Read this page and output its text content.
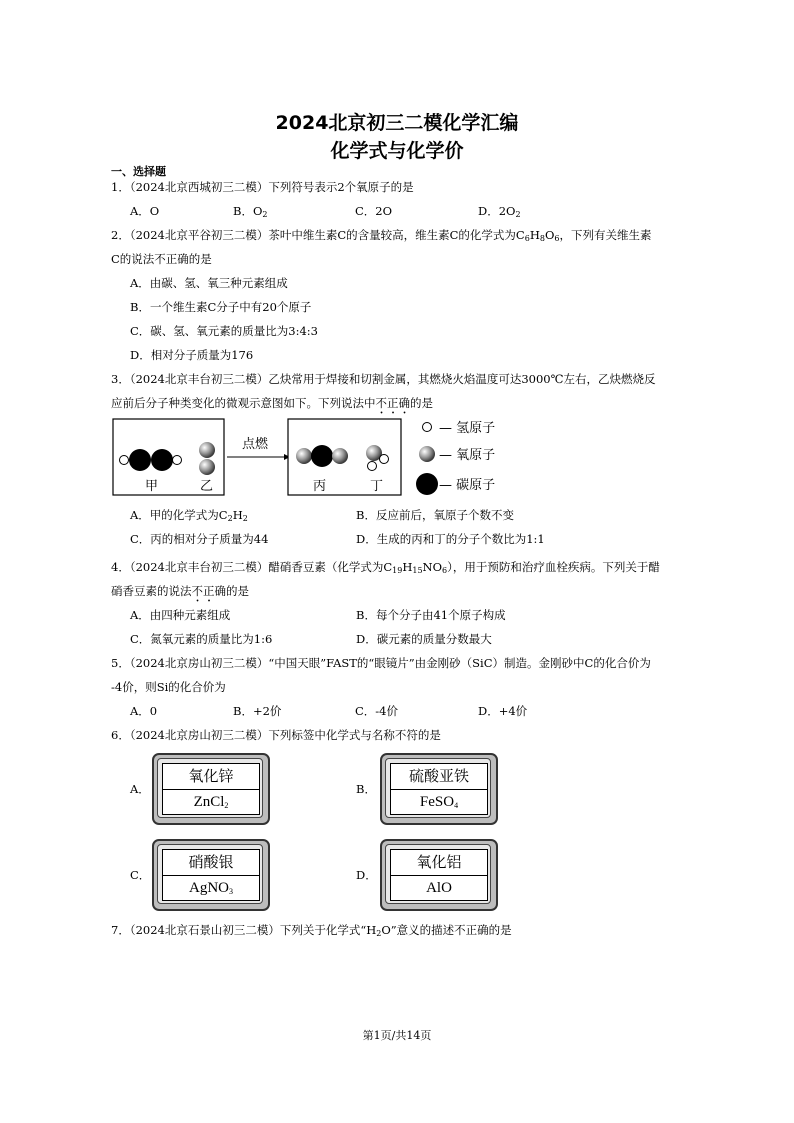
2024北京初三二模化学汇编
化学式与化学价
一、选择题
1．（2024北京西城初三二模）下列符号表示2个氧原子的是
A．O	B．$O_2$	C．2O	D．$2O_2$
2．（2024北京平谷初三二模）茶叶中维生素C的含量较高，维生素C的化学式为$C_6H_8O_6$，下列有关维生素
C的说法不正确的是
A．由碳、氢、氧三种元素组成
B．一个维生素C分子中有20个原子
C．碳、氢、氧元素的质量比为3:4:3
D．相对分子质量为176
3．（2024北京丰台初三二模）乙炔常用于焊接和切割金属，其燃烧火焰温度可达3000℃左右，乙炔燃烧反
应前后分子种类变化的微观示意图如下。下列说法中不正确的是
甲	乙
点燃
丙	丁
— 氢原子
— 氧原子
— 碳原子
A．甲的化学式为$C_2H_2$	B．反应前后，氧原子个数不变
C．丙的相对分子质量为44	D．生成的丙和丁的分子个数比为1:1
4．（2024北京丰台初三二模）醋硝香豆素（化学式为$C_{19}H_{15}NO_6$），用于预防和治疗血栓疾病。下列关于醋
硝香豆素的说法不正确的是
A．由四种元素组成	B．每个分子由41个原子构成
C．氮氧元素的质量比为1:6	D．碳元素的质量分数最大
5．（2024北京房山初三二模）“中国天眼”FAST的“眼镜片”由金刚砂（SiC）制造。金刚砂中C的化合价为
-4价，则Si的化合价为
A．0	B．+2价	C．-4价	D．+4价
6．（2024北京房山初三二模）下列标签中化学式与名称不符的是
A．
氧化锌
ZnCl$_2$
B．
硫酸亚铁
FeSO$_4$
C．
硝酸银
AgNO$_3$
D．
氧化铝
AlO
7．（2024北京石景山初三二模）下列关于化学式“$H_2O$”意义的描述不正确的是
第1页/共14页
